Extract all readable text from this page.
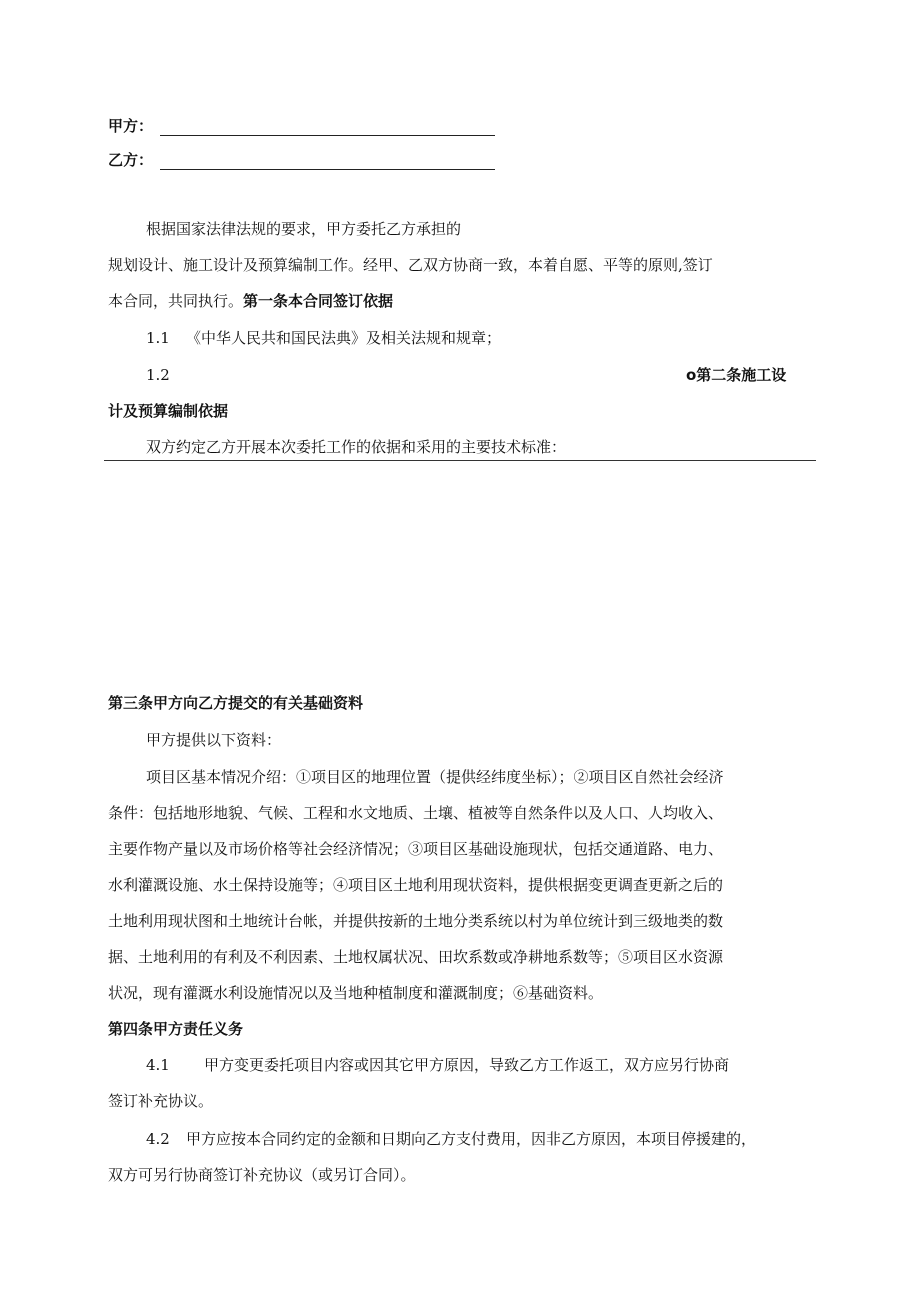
甲方：
乙方：
根据国家法律法规的要求，甲方委托乙方承担的
规划设计、施工设计及预算编制工作。经甲、乙双方协商一致，本着自愿、平等的原则,签订
本合同，共同执行。第一条本合同签订依据
1.1 《中华人民共和国民法典》及相关法规和规章；
1.2	o第二条施工设
计及预算编制依据
双方约定乙方开展本次委托工作的依据和采用的主要技术标准：
第三条甲方向乙方提交的有关基础资料
甲方提供以下资料：
项目区基本情况介绍：①项目区的地理位置（提供经纬度坐标）；②项目区自然社会经济
条件：包括地形地貌、气候、工程和水文地质、土壤、植被等自然条件以及人口、人均收入、
主要作物产量以及市场价格等社会经济情况；③项目区基础设施现状，包括交通道路、电力、
水利灌溉设施、水土保持设施等；④项目区土地利用现状资料，提供根据变更调查更新之后的
土地利用现状图和土地统计台帐，并提供按新的土地分类系统以村为单位统计到三级地类的数
据、土地利用的有利及不利因素、土地权属状况、田坎系数或净耕地系数等；⑤项目区水资源
状况，现有灌溉水利设施情况以及当地种植制度和灌溉制度；⑥基础资料。
第四条甲方责任义务
4.1 甲方变更委托项目内容或因其它甲方原因，导致乙方工作返工，双方应另行协商
签订补充协议。
4.2 甲方应按本合同约定的金额和日期向乙方支付费用，因非乙方原因，本项目停援建的，
双方可另行协商签订补充协议（或另订合同）。
